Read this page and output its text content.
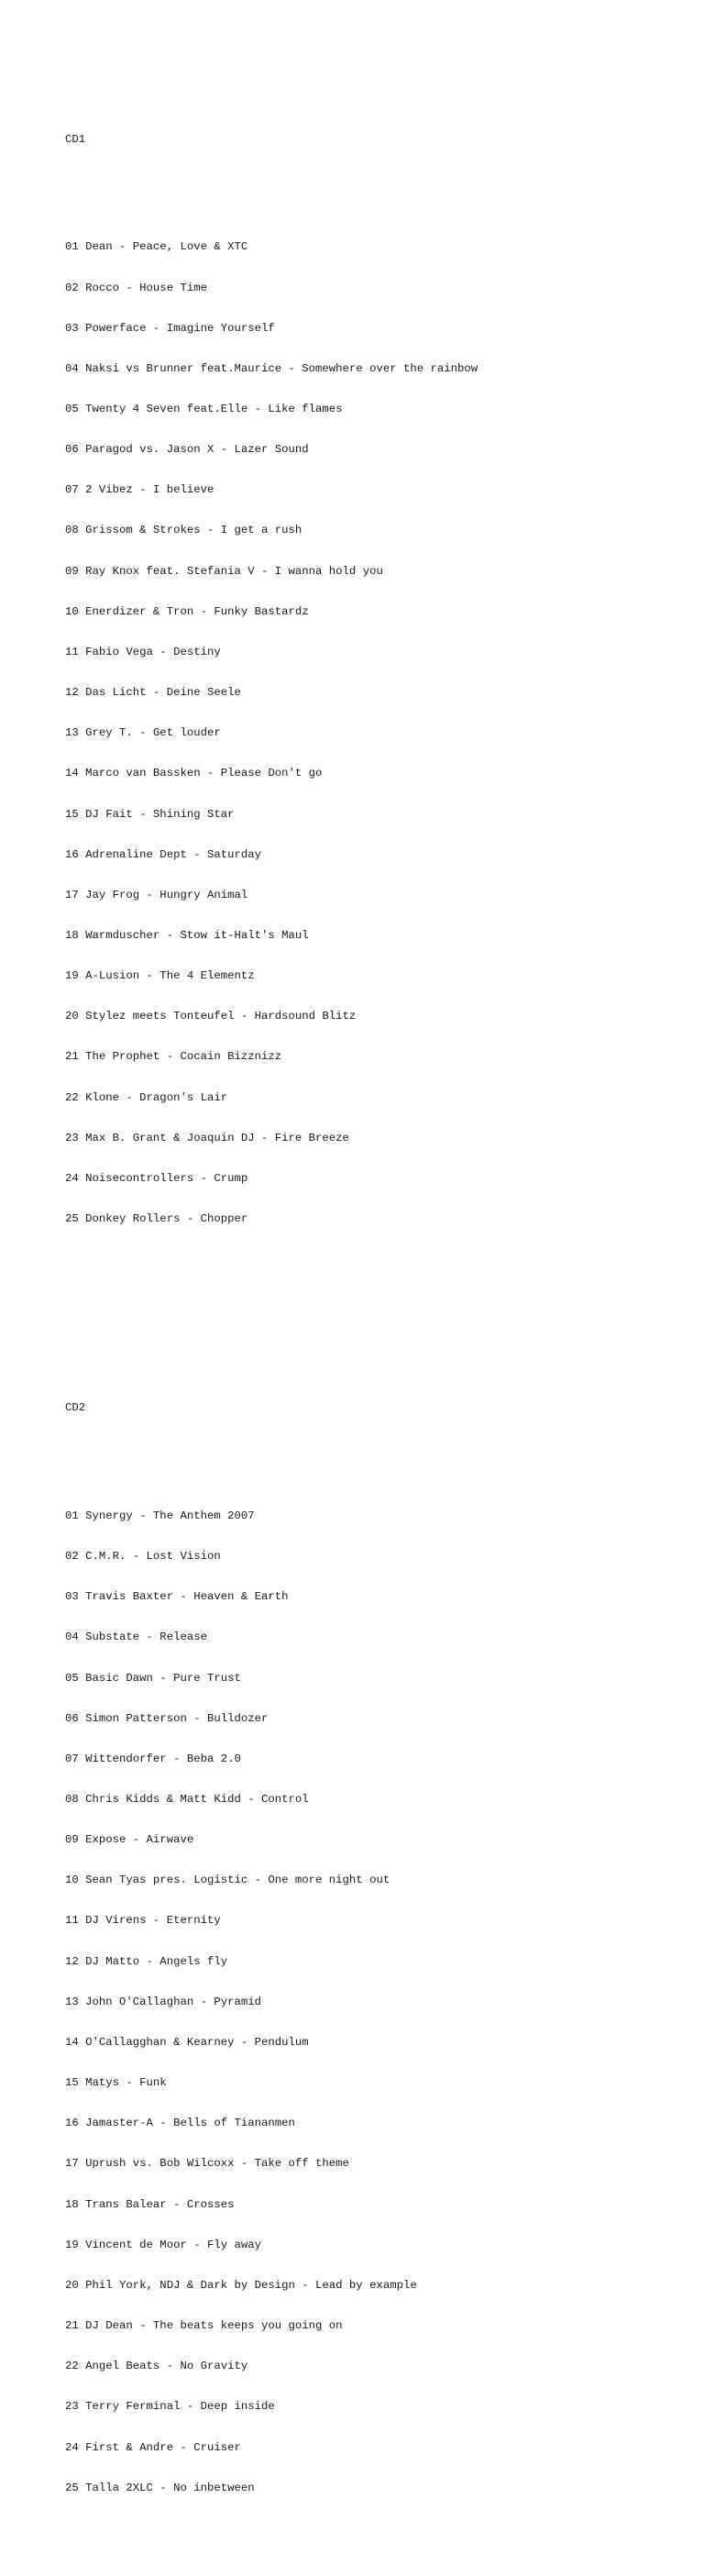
CD1

01 Dean - Peace, Love & XTC

02 Rocco - House Time

03 Powerface - Imagine Yourself

04 Naksi vs Brunner feat.Maurice - Somewhere over the rainbow

05 Twenty 4 Seven feat.Elle - Like flames

06 Paragod vs. Jason X - Lazer Sound

07 2 Vibez - I believe

08 Grissom & Strokes - I get a rush

09 Ray Knox feat. Stefania V - I wanna hold you

10 Enerdizer & Tron - Funky Bastardz

11 Fabio Vega - Destiny

12 Das Licht - Deine Seele

13 Grey T. - Get louder

14 Marco van Bassken - Please Don't go

15 DJ Fait - Shining Star

16 Adrenaline Dept - Saturday

17 Jay Frog - Hungry Animal

18 Warmduscher - Stow it-Halt's Maul

19 A-Lusion - The 4 Elementz

20 Stylez meets Tonteufel - Hardsound Blitz

21 The Prophet - Cocain Bizznizz

22 Klone - Dragon's Lair

23 Max B. Grant & Joaquin DJ - Fire Breeze

24 Noisecontrollers - Crump

25 Donkey Rollers - Chopper

CD2

01 Synergy - The Anthem 2007

02 C.M.R. - Lost Vision

03 Travis Baxter - Heaven & Earth

04 Substate - Release

05 Basic Dawn - Pure Trust

06 Simon Patterson - Bulldozer

07 Wittendorfer - Beba 2.0

08 Chris Kidds & Matt Kidd - Control

09 Expose - Airwave

10 Sean Tyas pres. Logistic - One more night out

11 DJ Virens - Eternity

12 DJ Matto - Angels fly

13 John O'Callaghan - Pyramid

14 O'Callagghan & Kearney - Pendulum

15 Matys - Funk

16 Jamaster-A - Bells of Tiananmen

17 Uprush vs. Bob Wilcoxx - Take off theme

18 Trans Balear - Crosses

19 Vincent de Moor - Fly away

20 Phil York, NDJ & Dark by Design - Lead by example

21 DJ Dean - The beats keeps you going on

22 Angel Beats - No Gravity

23 Terry Ferminal - Deep inside

24 First & Andre - Cruiser

25 Talla 2XLC - No inbetween
